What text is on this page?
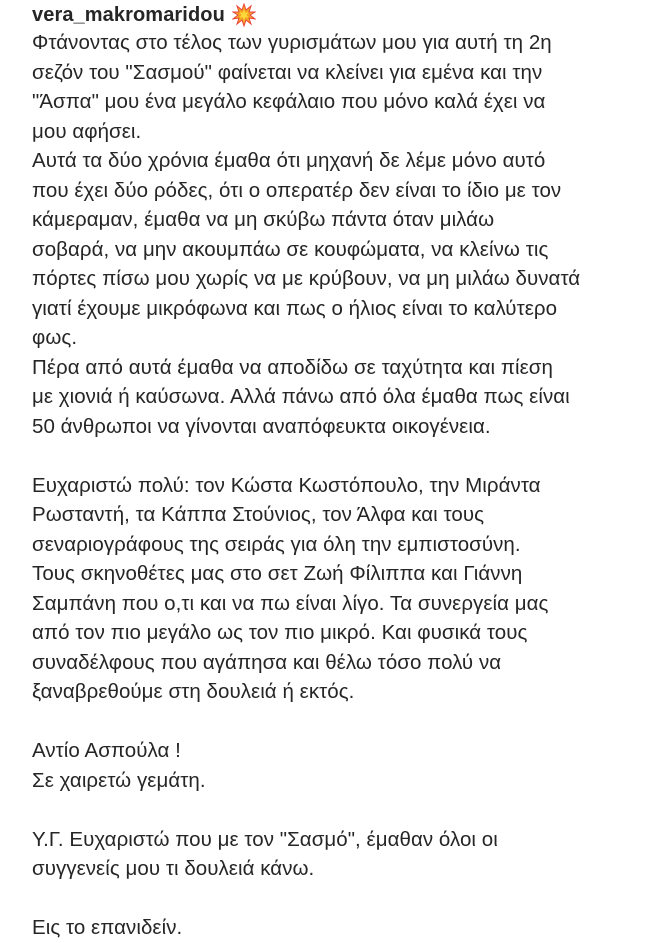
vera_makromaridou
Φτάνοντας στο τέλος των γυρισμάτων μου για αυτή τη 2η
σεζόν του "Σασμού" φαίνεται να κλείνει για εμένα και την
"Άσπα" μου ένα μεγάλο κεφάλαιο που μόνο καλά έχει να
μου αφήσει.
Αυτά τα δύο χρόνια έμαθα ότι μηχανή δε λέμε μόνο αυτό
που έχει δύο ρόδες, ότι ο οπερατέρ δεν είναι το ίδιο με τον
κάμεραμαν, έμαθα να μη σκύβω πάντα όταν μιλάω
σοβαρά, να μην ακουμπάω σε κουφώματα, να κλείνω τις
πόρτες πίσω μου χωρίς να με κρύβουν, να μη μιλάω δυνατά
γιατί έχουμε μικρόφωνα και πως ο ήλιος είναι το καλύτερο
φως.
Πέρα από αυτά έμαθα να αποδίδω σε ταχύτητα και πίεση
με χιονιά ή καύσωνα. Αλλά πάνω από όλα έμαθα πως είναι
50 άνθρωποι να γίνονται αναπόφευκτα οικογένεια.
Ευχαριστώ πολύ: τον Κώστα Κωστόπουλο, την Μιράντα
Ρωσταντή, τα Κάππα Στούνιος, τον Άλφα και τους
σεναριογράφους της σειράς για όλη την εμπιστοσύνη.
Τους σκηνοθέτες μας στο σετ Ζωή Φίλιππα και Γιάννη
Σαμπάνη που ο,τι και να πω είναι λίγο. Τα συνεργεία μας
από τον πιο μεγάλο ως τον πιο μικρό. Και φυσικά τους
συναδέλφους που αγάπησα και θέλω τόσο πολύ να
ξαναβρεθούμε στη δουλειά ή εκτός.
Αντίο Ασπούλα !
Σε χαιρετώ γεμάτη.
Υ.Γ. Ευχαριστώ που με τον "Σασμό", έμαθαν όλοι οι
συγγενείς μου τι δουλειά κάνω.
Εις το επανιδείν.
